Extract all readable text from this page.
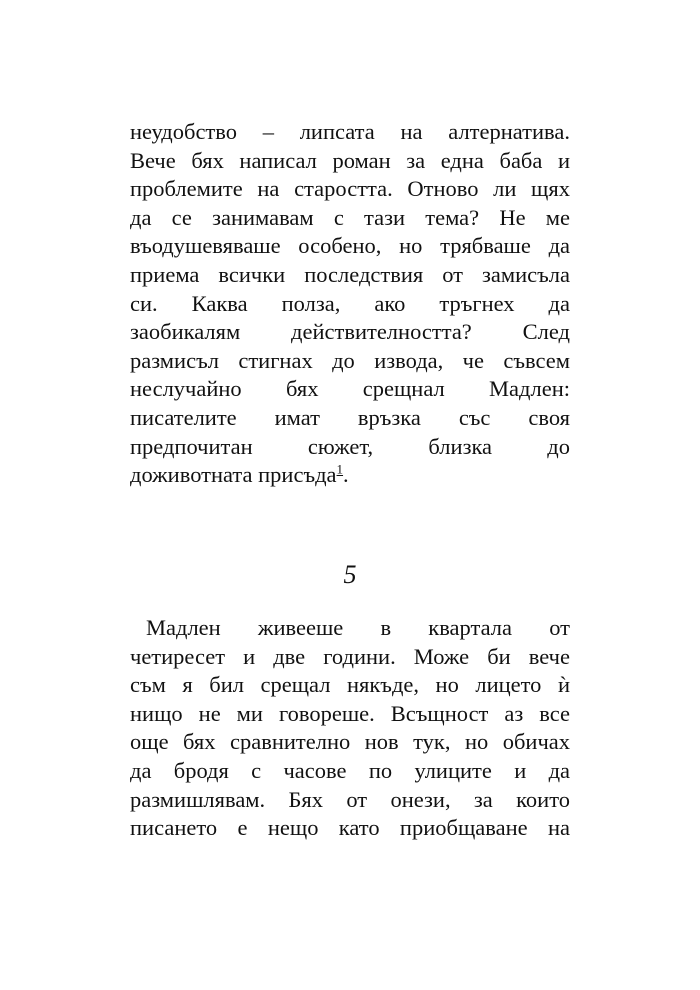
неудобство – липсата на алтернатива.
Вече бях написал роман за една баба и
проблемите на старостта. Отново ли щях
да се занимавам с тази тема? Не ме
въодушевяваше особено, но трябваше да
приема всички последствия от замисъла
си. Каква полза, ако тръгнех да
заобикалям действителността? След
размисъл стигнах до извода, че съвсем
неслучайно бях срещнал Мадлен:
писателите имат връзка със своя
предпочитан сюжет, близка до
доживотната присъда$^1$.
5
Мадлен живееше в квартала от
четиресет и две години. Може би вече
съм я бил срещал някъде, но лицето ѝ
нищо не ми говореше. Всъщност аз все
още бях сравнително нов тук, но обичах
да бродя с часове по улиците и да
размишлявам. Бях от онези, за които
писането е нещо като приобщаване на
